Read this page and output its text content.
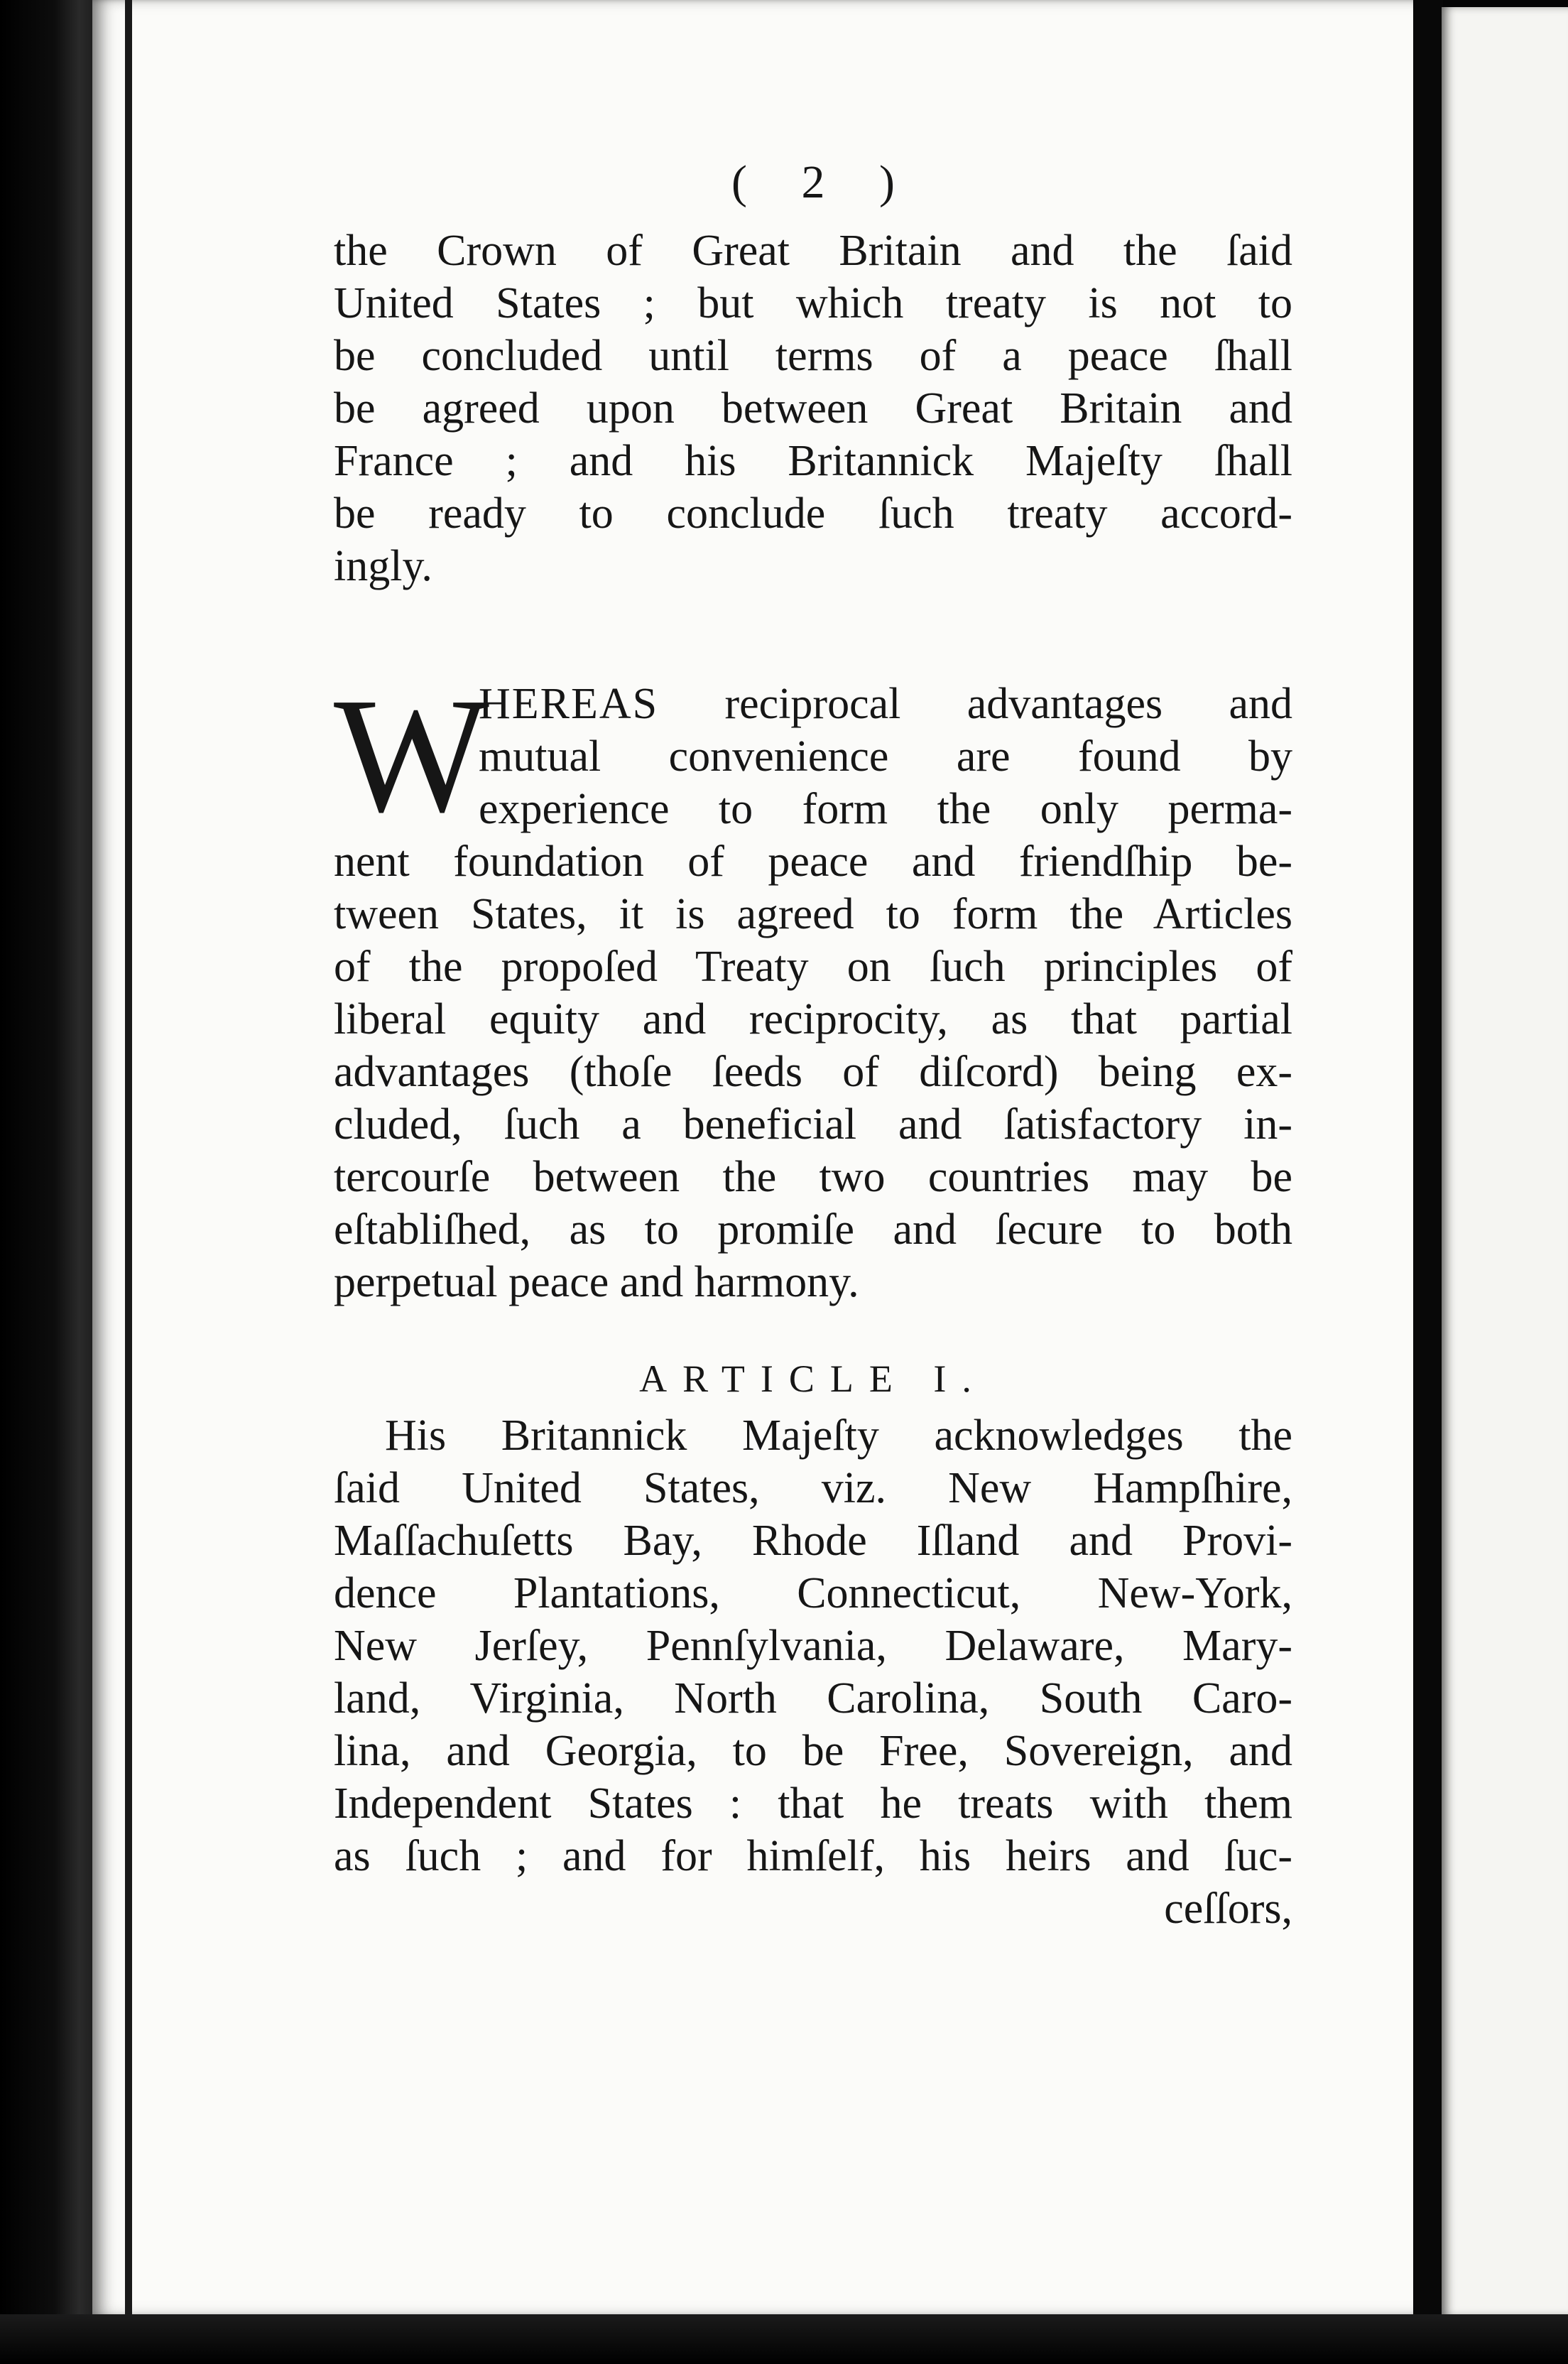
( 2 )
the Crown of Great Britain and the ſaid
United States ; but which treaty is not to
be concluded until terms of a peace ſhall
be agreed upon between Great Britain and
France ; and his Britannick Majeſty ſhall
be ready to conclude ſuch treaty accord-
ingly.
W
HEREAS reciprocal advantages and
mutual convenience are found by
experience to form the only perma-
nent foundation of peace and friendſhip be-
tween States, it is agreed to form the Articles
of the propoſed Treaty on ſuch principles of
liberal equity and reciprocity, as that partial
advantages (thoſe ſeeds of diſcord) being ex-
cluded, ſuch a beneficial and ſatisfactory in-
tercourſe between the two countries may be
eſtabliſhed, as to promiſe and ſecure to both
perpetual peace and harmony.
ARTICLE I.
His Britannick Majeſty acknowledges the
ſaid United States, viz. New Hampſhire,
Maſſachuſetts Bay, Rhode Iſland and Provi-
dence Plantations, Connecticut, New-York,
New Jerſey, Pennſylvania, Delaware, Mary-
land, Virginia, North Carolina, South Caro-
lina, and Georgia, to be Free, Sovereign, and
Independent States : that he treats with them
as ſuch ; and for himſelf, his heirs and ſuc-
ceſſors,
